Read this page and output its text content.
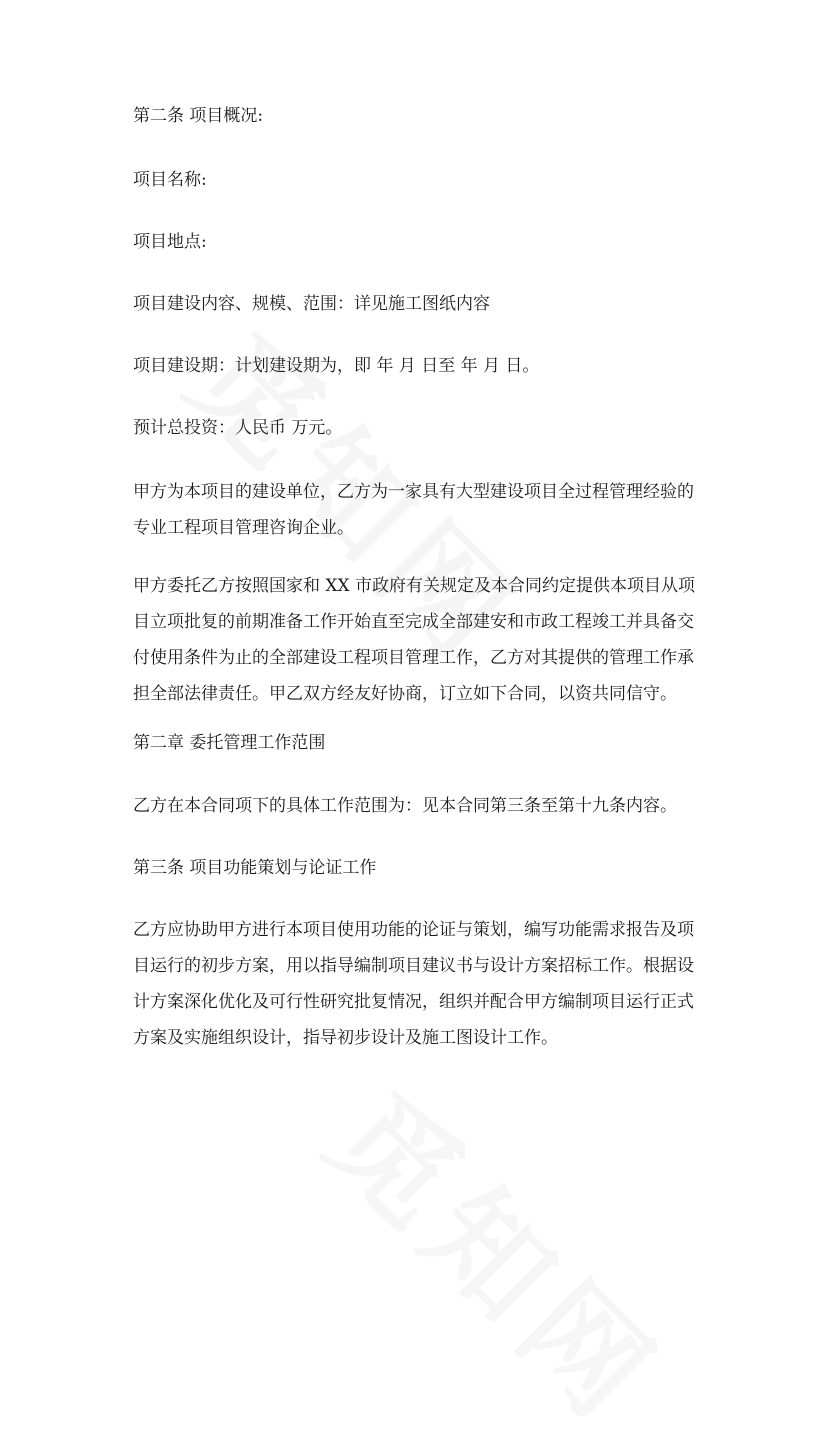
第二条 项目概况:

项目名称:

项目地点:

项目建设内容、规模、范围：详见施工图纸内容

项目建设期：计划建设期为，即 年 月 日至 年 月 日。

预计总投资：人民币 万元。

甲方为本项目的建设单位，乙方为一家具有大型建设项目全过程管理经验的专业工程项目管理咨询企业。

甲方委托乙方按照国家和 XX 市政府有关规定及本合同约定提供本项目从项目立项批复的前期准备工作开始直至完成全部建安和市政工程竣工并具备交付使用条件为止的全部建设工程项目管理工作，乙方对其提供的管理工作承担全部法律责任。甲乙双方经友好协商，订立如下合同，以资共同信守。

第二章 委托管理工作范围

乙方在本合同项下的具体工作范围为：见本合同第三条至第十九条内容。

第三条 项目功能策划与论证工作

乙方应协助甲方进行本项目使用功能的论证与策划，编写功能需求报告及项目运行的初步方案，用以指导编制项目建议书与设计方案招标工作。根据设计方案深化优化及可行性研究批复情况，组织并配合甲方编制项目运行正式方案及实施组织设计，指导初步设计及施工图设计工作。
